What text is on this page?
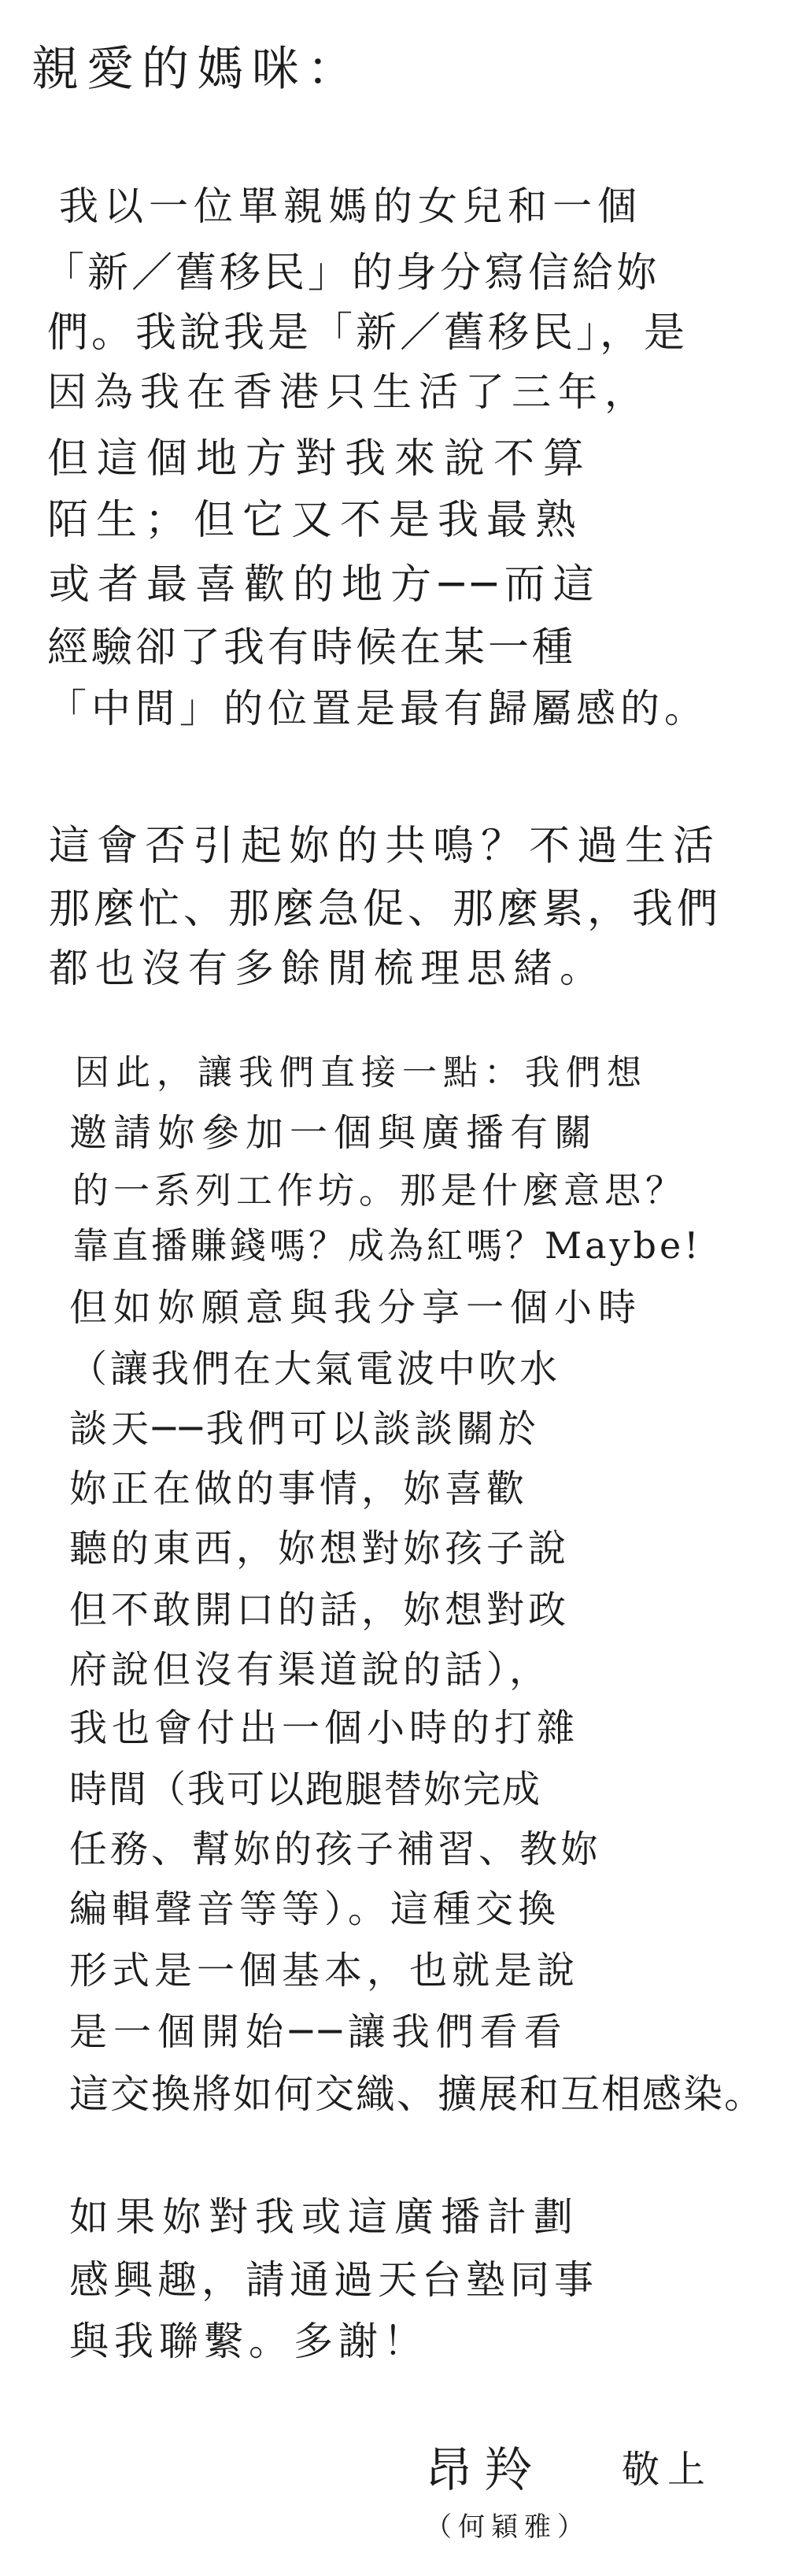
親愛的媽咪：

我以一位單親媽的女兒和一個

「新／舊移民」的身分寫信給妳

們。我說我是「新／舊移民」，是

因為我在香港只生活了三年，

但這個地方對我來說不算

陌生；但它又不是我最熟

或者最喜歡的地方──而這

經驗卻了我有時候在某一種

「中間」的位置是最有歸屬感的。

這會否引起妳的共鳴？不過生活

那麼忙、那麼急促、那麼累，我們

都也沒有多餘閒梳理思緒。

因此，讓我們直接一點：我們想

邀請妳參加一個與廣播有關

的一系列工作坊。那是什麼意思？

靠直播賺錢嗎？成為紅嗎？Maybe!

但如妳願意與我分享一個小時

（讓我們在大氣電波中吹水

談天──我們可以談談關於

妳正在做的事情，妳喜歡

聽的東西，妳想對妳孩子說

但不敢開口的話，妳想對政

府說但沒有渠道說的話），

我也會付出一個小時的打雜

時間（我可以跑腿替妳完成

任務、幫妳的孩子補習、教妳

編輯聲音等等）。這種交換

形式是一個基本，也就是說

是一個開始──讓我們看看

這交換將如何交織、擴展和互相感染。

如果妳對我或這廣播計劃

感興趣，請通過天台塾同事

與我聯繫。多謝！

昂羚 敬上

（何穎雅）
